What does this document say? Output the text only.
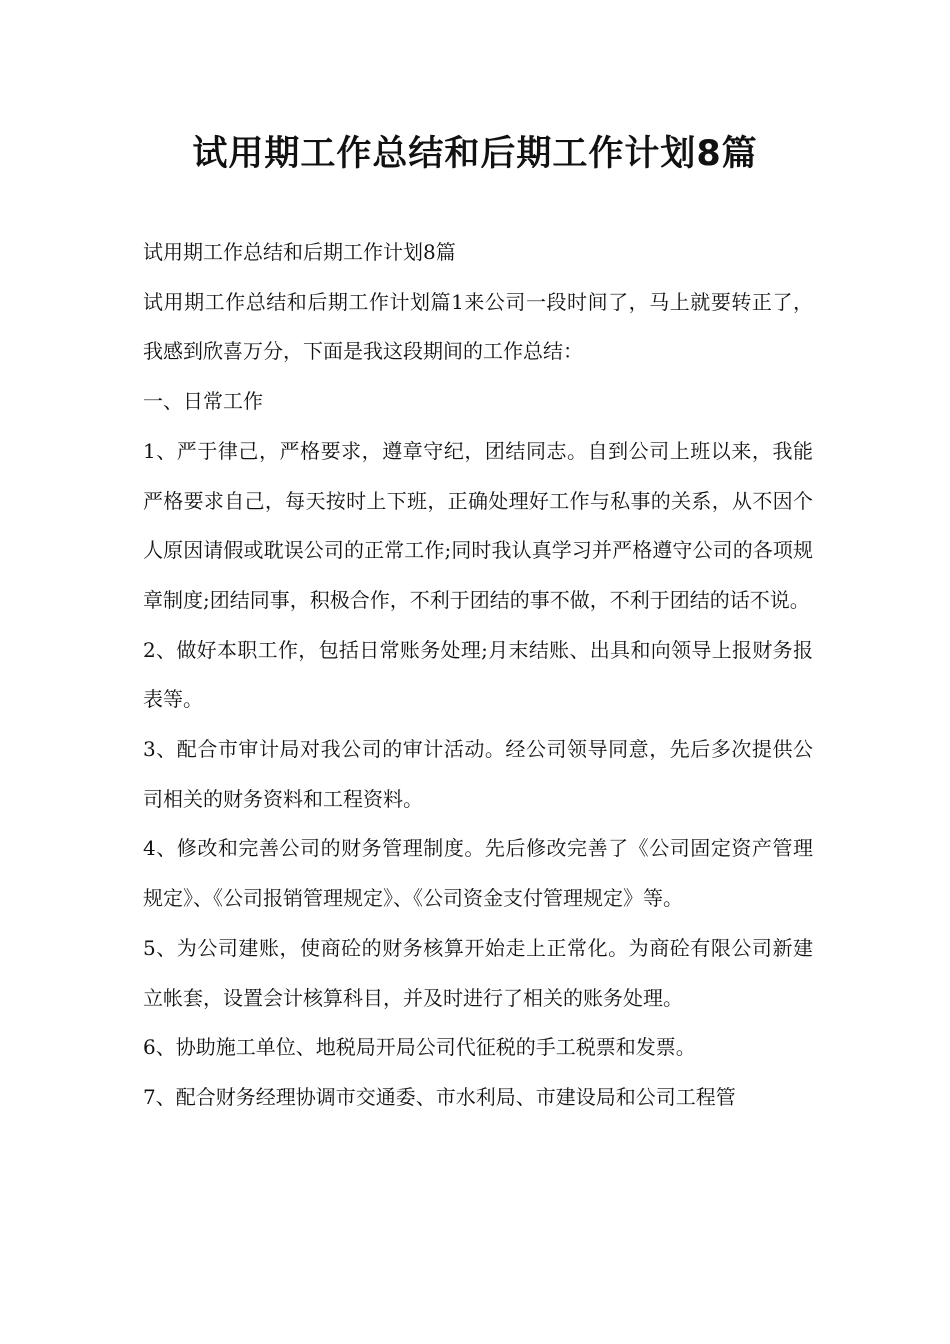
试用期工作总结和后期工作计划8篇

试用期工作总结和后期工作计划8篇

试用期工作总结和后期工作计划篇1来公司一段时间了，马上就要转正了，我感到欣喜万分，下面是我这段期间的工作总结：

一、日常工作

1、严于律己，严格要求，遵章守纪，团结同志。自到公司上班以来，我能严格要求自己，每天按时上下班，正确处理好工作与私事的关系，从不因个人原因请假或耽误公司的正常工作;同时我认真学习并严格遵守公司的各项规章制度;团结同事，积极合作，不利于团结的事不做，不利于团结的话不说。

2、做好本职工作，包括日常账务处理;月末结账、出具和向领导上报财务报表等。

3、配合市审计局对我公司的审计活动。经公司领导同意，先后多次提供公司相关的财务资料和工程资料。

4、修改和完善公司的财务管理制度。先后修改完善了《公司固定资产管理规定》、《公司报销管理规定》、《公司资金支付管理规定》等。

5、为公司建账，使商砼的财务核算开始走上正常化。为商砼有限公司新建立帐套，设置会计核算科目，并及时进行了相关的账务处理。

6、协助施工单位、地税局开局公司代征税的手工税票和发票。

7、配合财务经理协调市交通委、市水利局、市建设局和公司工程管
